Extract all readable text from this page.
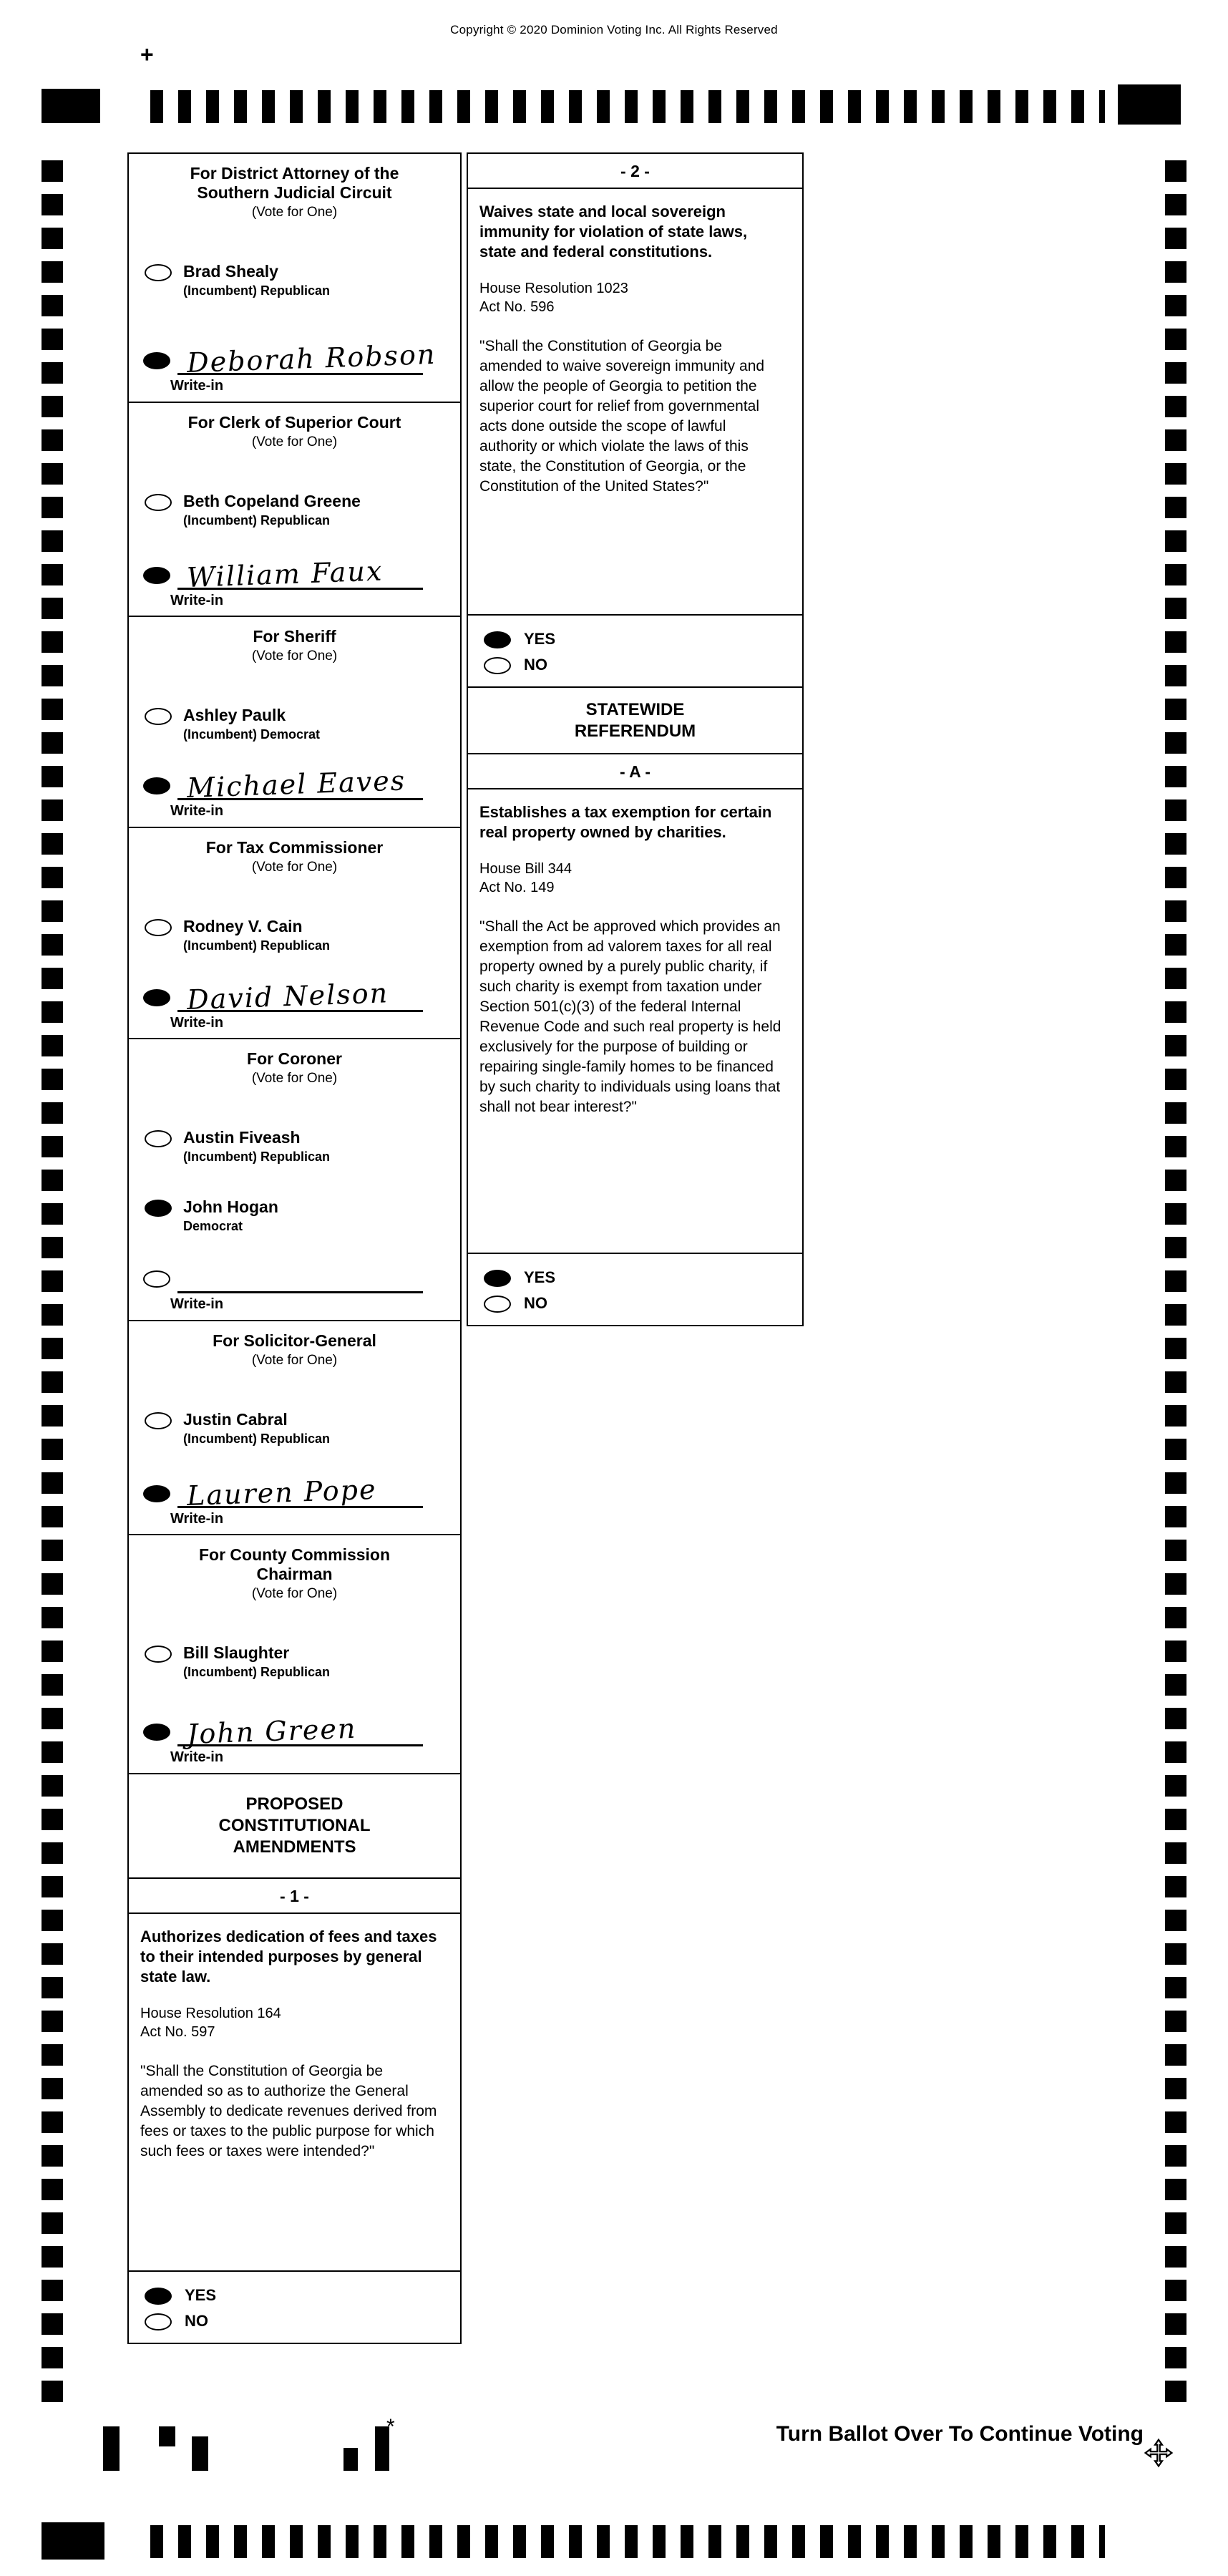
Copyright © 2020 Dominion Voting Inc. All Rights Reserved
+
For District Attorney of the Southern Judicial Circuit
(Vote for One)
Brad Shealy
(Incumbent) Republican
Deborah Robson
Write-in
For Clerk of Superior Court
(Vote for One)
Beth Copeland Greene
(Incumbent) Republican
William Faux
Write-in
For Sheriff
(Vote for One)
Ashley Paulk
(Incumbent) Democrat
Michael Eaves
Write-in
For Tax Commissioner
(Vote for One)
Rodney V. Cain
(Incumbent) Republican
David Nelson
Write-in
For Coroner
(Vote for One)
Austin Fiveash
(Incumbent) Republican
John Hogan
Democrat
Write-in
For Solicitor-General
(Vote for One)
Justin Cabral
(Incumbent) Republican
Lauren Pope
Write-in
For County Commission Chairman
(Vote for One)
Bill Slaughter
(Incumbent) Republican
John Green
Write-in
PROPOSED CONSTITUTIONAL AMENDMENTS
- 1 -
Authorizes dedication of fees and taxes to their intended purposes by general state law.
House Resolution 164
Act No. 597
"Shall the Constitution of Georgia be amended so as to authorize the General Assembly to dedicate revenues derived from fees or taxes to the public purpose for which such fees or taxes were intended?"
YES
NO
- 2 -
Waives state and local sovereign immunity for violation of state laws, state and federal constitutions.
House Resolution 1023
Act No. 596
"Shall the Constitution of Georgia be amended to waive sovereign immunity and allow the people of Georgia to petition the superior court for relief from governmental acts done outside the scope of lawful authority or which violate the laws of this state, the Constitution of Georgia, or the Constitution of the United States?"
YES
NO
STATEWIDE REFERENDUM
- A -
Establishes a tax exemption for certain real property owned by charities.
House Bill 344
Act No. 149
"Shall the Act be approved which provides an exemption from ad valorem taxes for all real property owned by a purely public charity, if such charity is exempt from taxation under Section 501(c)(3) of the federal Internal Revenue Code and such real property is held exclusively for the purpose of building or repairing single-family homes to be financed by such charity to individuals using loans that shall not bear interest?"
YES
NO
*	Turn Ballot Over To Continue Voting
